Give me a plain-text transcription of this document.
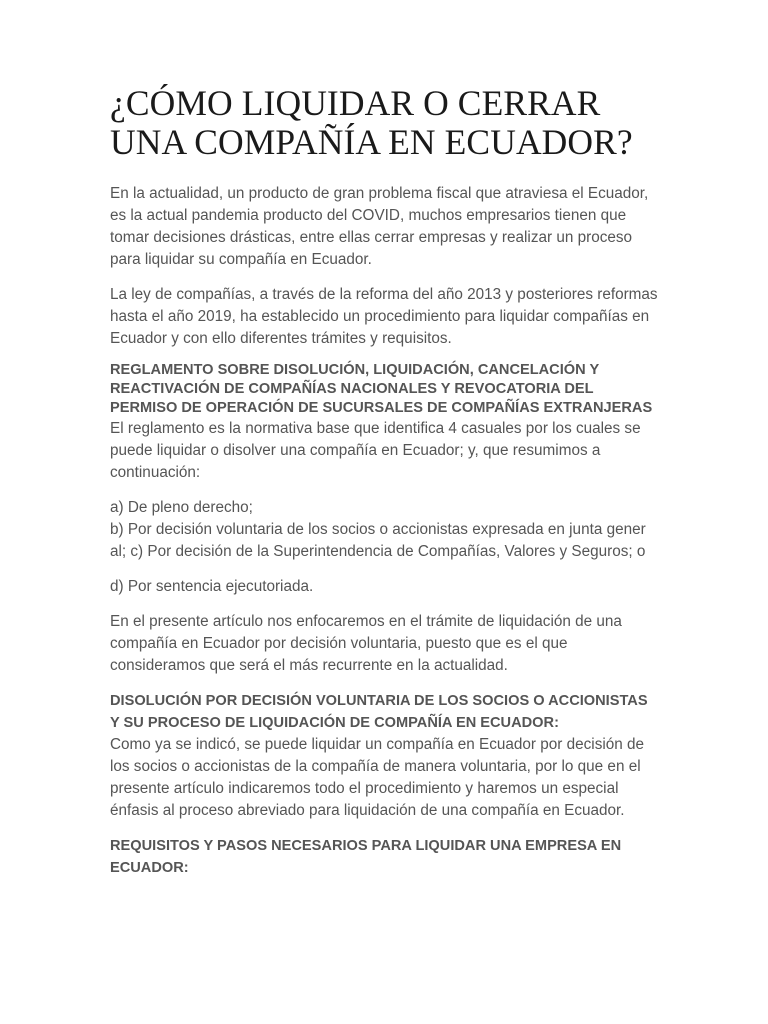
¿CÓMO LIQUIDAR O CERRAR
UNA COMPAÑÍA EN ECUADOR?

En la actualidad, un producto de gran problema fiscal que atraviesa el Ecuador, es la actual pandemia producto del COVID, muchos empresarios tienen que tomar decisiones drásticas, entre ellas cerrar empresas y realizar un proceso para liquidar su compañía en Ecuador.

La ley de compañías, a través de la reforma del año 2013 y posteriores reformas hasta el año 2019, ha establecido un procedimiento para liquidar compañías en Ecuador y con ello diferentes trámites y requisitos.

REGLAMENTO SOBRE DISOLUCIÓN, LIQUIDACIÓN, CANCELACIÓN Y REACTIVACIÓN DE COMPAÑÍAS NACIONALES Y REVOCATORIA DEL PERMISO DE OPERACIÓN DE SUCURSALES DE COMPAÑÍAS EXTRANJERAS

El reglamento es la normativa base que identifica 4 casuales por los cuales se puede liquidar o disolver una compañía en Ecuador; y, que resumimos a continuación:

a) De pleno derecho;
b) Por decisión voluntaria de los socios o accionistas expresada en junta gener
al; c) Por decisión de la Superintendencia de Compañías, Valores y Seguros; o

d) Por sentencia ejecutoriada.

En el presente artículo nos enfocaremos en el trámite de liquidación de una compañía en Ecuador por decisión voluntaria, puesto que es el que consideramos que será el más recurrente en la actualidad.

DISOLUCIÓN POR DECISIÓN VOLUNTARIA DE LOS SOCIOS O ACCIONISTAS Y SU PROCESO DE LIQUIDACIÓN DE COMPAÑÍA EN ECUADOR:

Como ya se indicó, se puede liquidar un compañía en Ecuador por decisión de los socios o accionistas de la compañía de manera voluntaria, por lo que en el presente artículo indicaremos todo el procedimiento y haremos un especial énfasis al proceso abreviado para liquidación de una compañía en Ecuador.

REQUISITOS Y PASOS NECESARIOS PARA LIQUIDAR UNA EMPRESA EN ECUADOR:
